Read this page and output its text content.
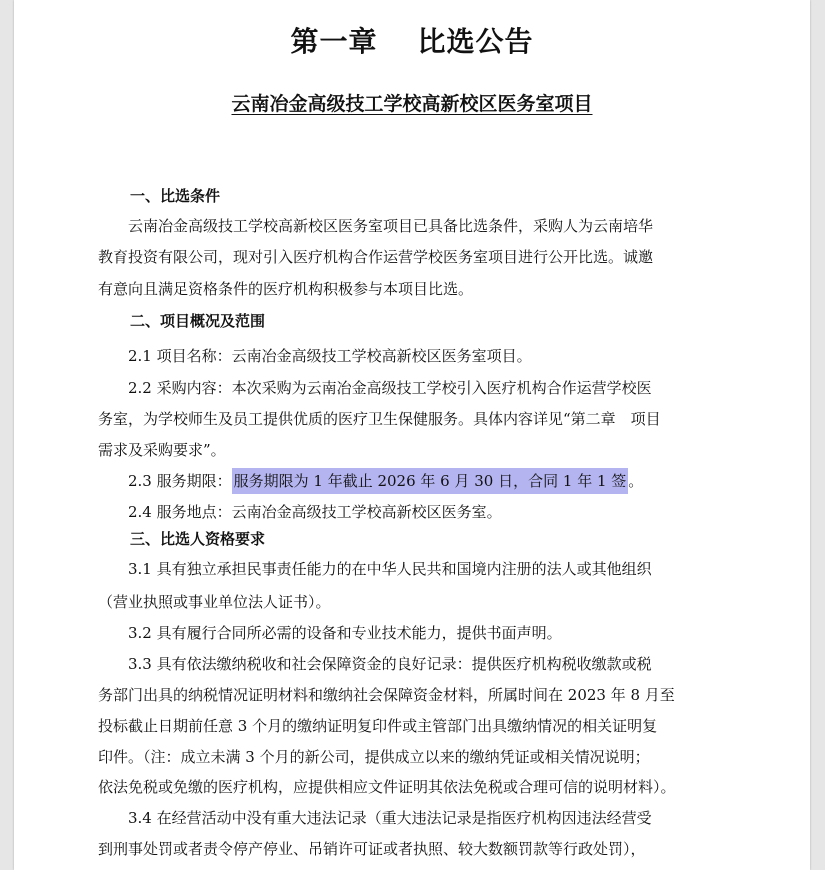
第一章 比选公告
云南冶金高级技工学校高新校区医务室项目
一、比选条件
云南冶金高级技工学校高新校区医务室项目已具备比选条件，采购人为云南培华
教育投资有限公司，现对引入医疗机构合作运营学校医务室项目进行公开比选。诚邀
有意向且满足资格条件的医疗机构积极参与本项目比选。
二、项目概况及范围
2.1 项目名称：云南冶金高级技工学校高新校区医务室项目。
2.2 采购内容：本次采购为云南冶金高级技工学校引入医疗机构合作运营学校医
务室，为学校师生及员工提供优质的医疗卫生保健服务。具体内容详见“第二章　项目
需求及采购要求”。
2.3 服务期限： 服务期限为 1 年截止 2026 年 6 月 30 日，合同 1 年 1 签 。
2.4 服务地点：云南冶金高级技工学校高新校区医务室。
三、比选人资格要求
3.1 具有独立承担民事责任能力的在中华人民共和国境内注册的法人或其他组织
（营业执照或事业单位法人证书）。
3.2 具有履行合同所必需的设备和专业技术能力，提供书面声明。
3.3 具有依法缴纳税收和社会保障资金的良好记录：提供医疗机构税收缴款或税
务部门出具的纳税情况证明材料和缴纳社会保障资金材料，所属时间在 2023 年 8 月至
投标截止日期前任意 3 个月的缴纳证明复印件或主管部门出具缴纳情况的相关证明复
印件。（注：成立未满 3 个月的新公司，提供成立以来的缴纳凭证或相关情况说明；
依法免税或免缴的医疗机构，应提供相应文件证明其依法免税或合理可信的说明材料）。
3.4 在经营活动中没有重大违法记录（重大违法记录是指医疗机构因违法经营受
到刑事处罚或者责令停产停业、吊销许可证或者执照、较大数额罚款等行政处罚），
